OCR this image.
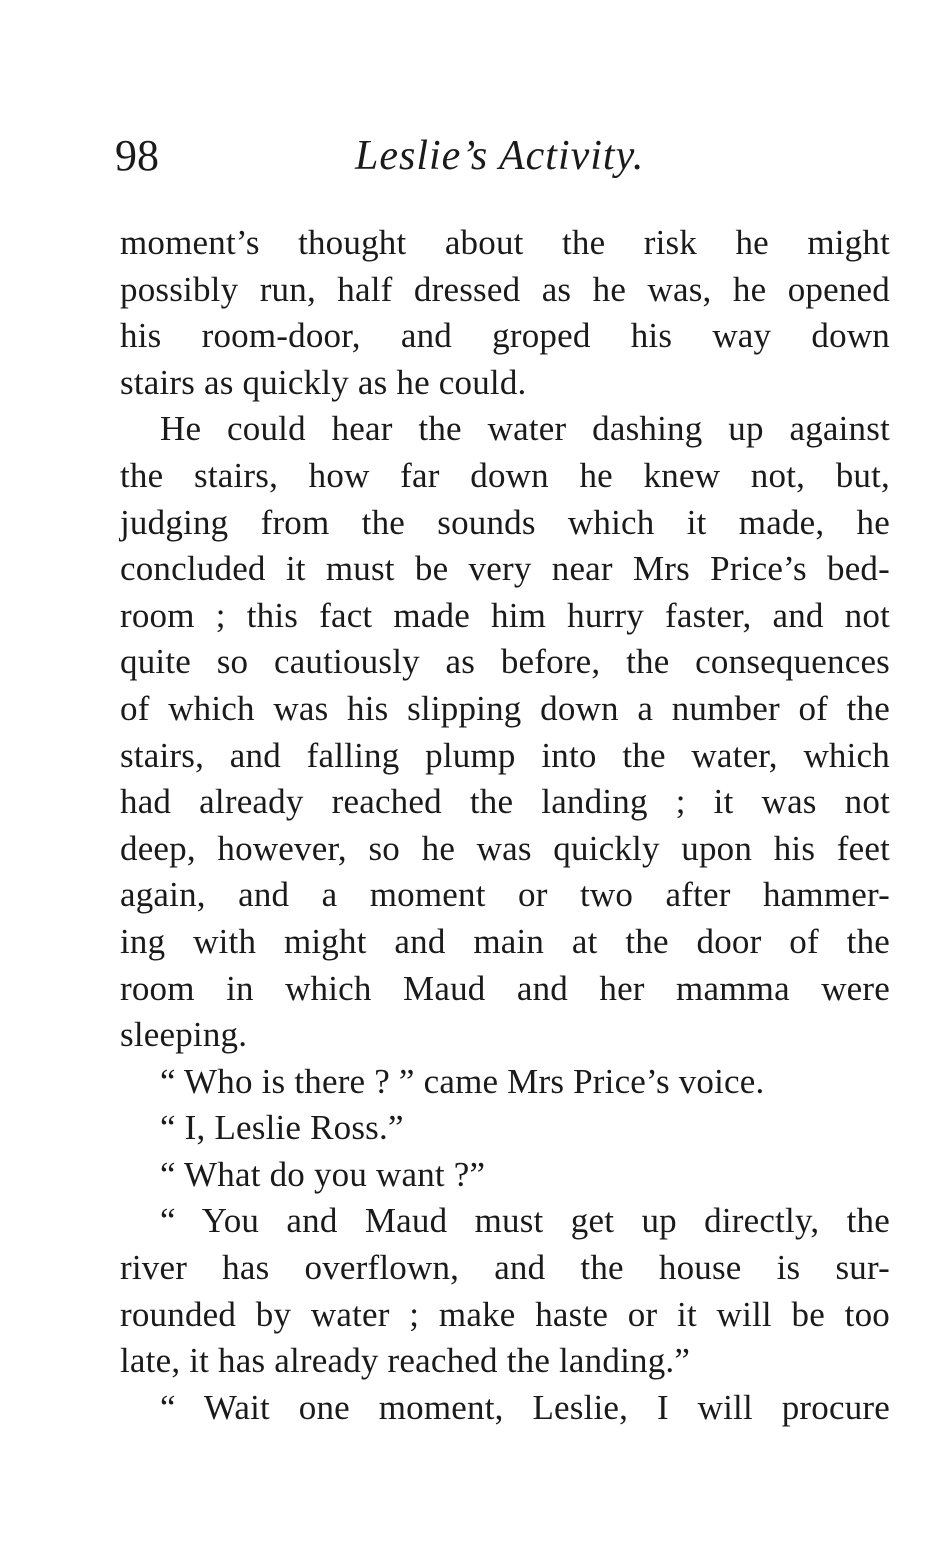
98	Leslie’s Activity.
moment’s thought about the risk he might
possibly run, half dressed as he was, he opened
his room-door, and groped his way down
stairs as quickly as he could.
He could hear the water dashing up against
the stairs, how far down he knew not, but,
judging from the sounds which it made, he
concluded it must be very near Mrs Price’s bed-
room ; this fact made him hurry faster, and not
quite so cautiously as before, the consequences
of which was his slipping down a number of the
stairs, and falling plump into the water, which
had already reached the landing ; it was not
deep, however, so he was quickly upon his feet
again, and a moment or two after hammer-
ing with might and main at the door of the
room in which Maud and her mamma were
sleeping.
“ Who is there ? ” came Mrs Price’s voice.
“ I, Leslie Ross.”
“ What do you want ?”
“ You and Maud must get up directly, the
river has overflown, and the house is sur-
rounded by water ; make haste or it will be too
late, it has already reached the landing.”
“ Wait one moment, Leslie, I will procure
